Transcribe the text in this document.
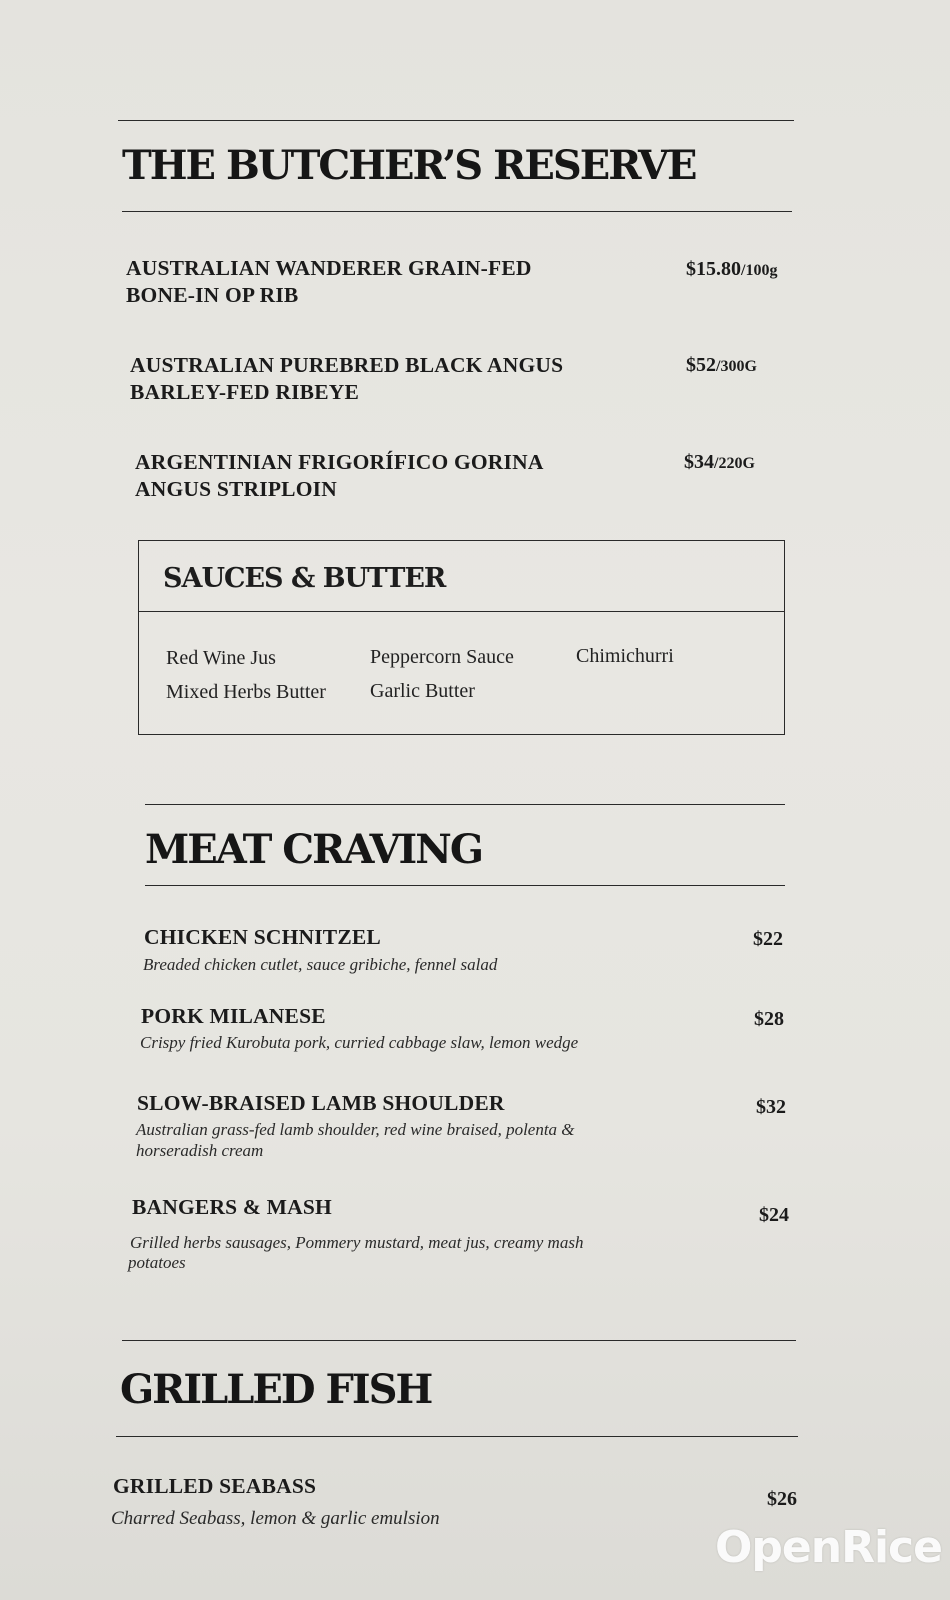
THE BUTCHER’S RESERVE
AUSTRALIAN WANDERER GRAIN-FED
BONE-IN OP RIB
$15.80/100g
AUSTRALIAN PUREBRED BLACK ANGUS
BARLEY-FED RIBEYE
$52/300G
ARGENTINIAN FRIGORÍFICO GORINA
ANGUS STRIPLOIN
$34/220G
SAUCES & BUTTER
Red Wine Jus	Peppercorn Sauce	Chimichurri
Mixed Herbs Butter Garlic Butter
MEAT CRAVING
CHICKEN SCHNITZEL
Breaded chicken cutlet, sauce gribiche, fennel salad
$22
PORK MILANESE
Crispy fried Kurobuta pork, curried cabbage slaw, lemon wedge
$28
SLOW-BRAISED LAMB SHOULDER
Australian grass-fed lamb shoulder, red wine braised, polenta &
horseradish cream
$32
BANGERS & MASH
Grilled herbs sausages, Pommery mustard, meat jus, creamy mash
potatoes
$24
GRILLED FISH
GRILLED SEABASS
Charred Seabass, lemon & garlic emulsion
$26
OpenRice
